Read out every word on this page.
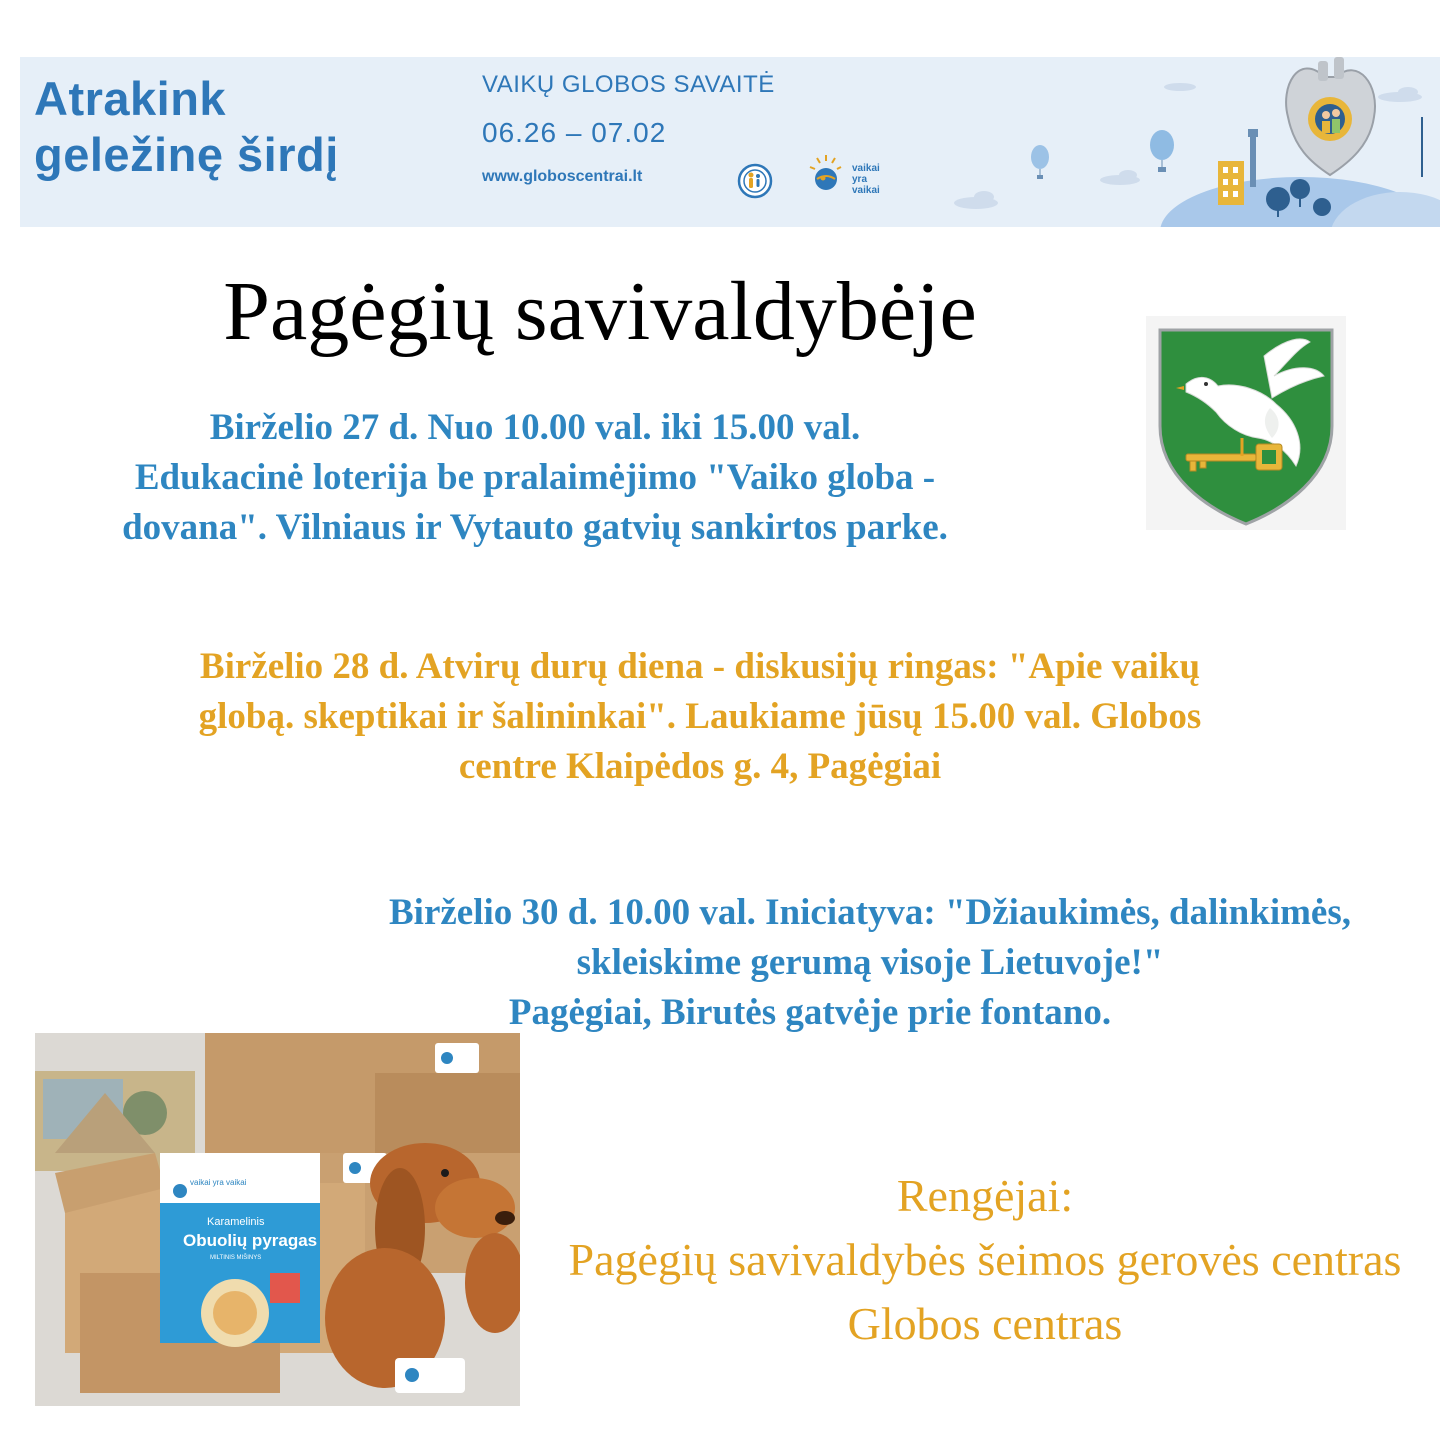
Atrakink
geležinę širdį
VAIKŲ GLOBOS SAVAITĖ
06.26 – 07.02
www.globoscentrai.lt	vaikai
yra
vaikai
Pagėgių savivaldybėje
Birželio 27 d. Nuo 10.00 val. iki 15.00 val.
Edukacinė loterija be pralaimėjimo "Vaiko globa -
dovana". Vilniaus ir Vytauto gatvių sankirtos parke.
Birželio 28 d. Atvirų durų diena - diskusijų ringas: "Apie vaikų
globą. skeptikai ir šalininkai". Laukiame jūsų 15.00 val. Globos
centre Klaipėdos g. 4, Pagėgiai
Birželio 30 d. 10.00 val. Iniciatyva: "Džiaukimės, dalinkimės,
skleiskime gerumą visoje Lietuvoje!"
Pagėgiai, Birutės gatvėje prie fontano.
Rengėjai:
Pagėgių savivaldybės šeimos gerovės centras
Globos centras
vaikai yra vaikai
Karamelinis
Obuolių pyragas
MILTINIS MIŠINYS
